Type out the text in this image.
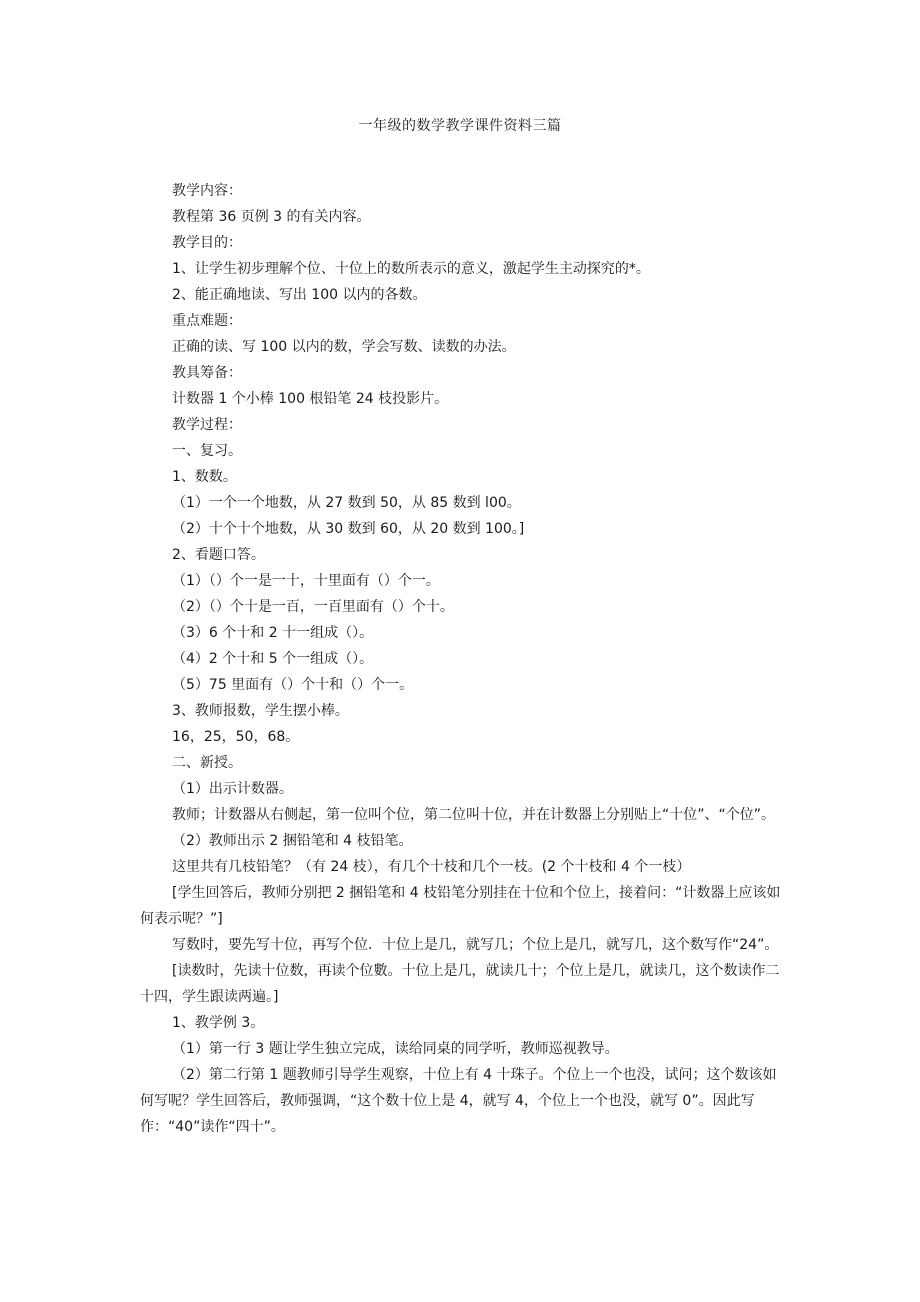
一年级的数学教学课件资料三篇

教学内容：

教程第 36 页例 3 的有关内容。

教学目的：

1、让学生初步理解个位、十位上的数所表示的意义，激起学生主动探究的*。

2、能正确地读、写出 100 以内的各数。

重点难题：

正确的读、写 100 以内的数，学会写数、读数的办法。

教具筹备：

计数器 1 个小棒 100 根铅笔 24 枝投影片。

教学过程：

一、复习。

1、数数。

（1）一个一个地数，从 27 数到 50，从 85 数到 l00。

（2）十个十个地数，从 30 数到 60，从 20 数到 100。]

2、看题口答。

（1）（）个一是一十，十里面有（）个一。

（2）（）个十是一百，一百里面有（）个十。

（3）6 个十和 2 十一组成（）。

（4）2 个十和 5 个一组成（）。

（5）75 里面有（）个十和（）个一。

3、教师报数，学生摆小棒。

16，25，50，68。

二、新授。

（1）出示计数器。

教师；计数器从右侧起，第一位叫个位，第二位叫十位，并在计数器上分别贴上“十位”、“个位”。

（2）教师出示 2 捆铅笔和 4 枝铅笔。

这里共有几枝铅笔？（有 24 枝），有几个十枝和几个一枝。(2 个十枝和 4 个一枝）

[学生回答后，教师分别把 2 捆铅笔和 4 枝铅笔分别挂在十位和个位上，接着问：“计数器上应该如何表示呢？”]

写数时，要先写十位，再写个位．十位上是几，就写几；个位上是几，就写几，这个数写作“24”。

[读数时，先读十位数，再读个位數。十位上是几，就读几十；个位上是几，就读几，这个数读作二十四，学生跟读两遍。]

1、教学例 3。

（1）第一行 3 题让学生独立完成，读给同桌的同学听，教师巡视教导。

（2）第二行第 1 题教师引导学生观察，十位上有 4 十珠子。个位上一个也没，试问；这个数该如何写呢？学生回答后，教师强调，“这个数十位上是 4，就写 4，个位上一个也没，就写 0”。因此写作：“40”读作“四十”。
